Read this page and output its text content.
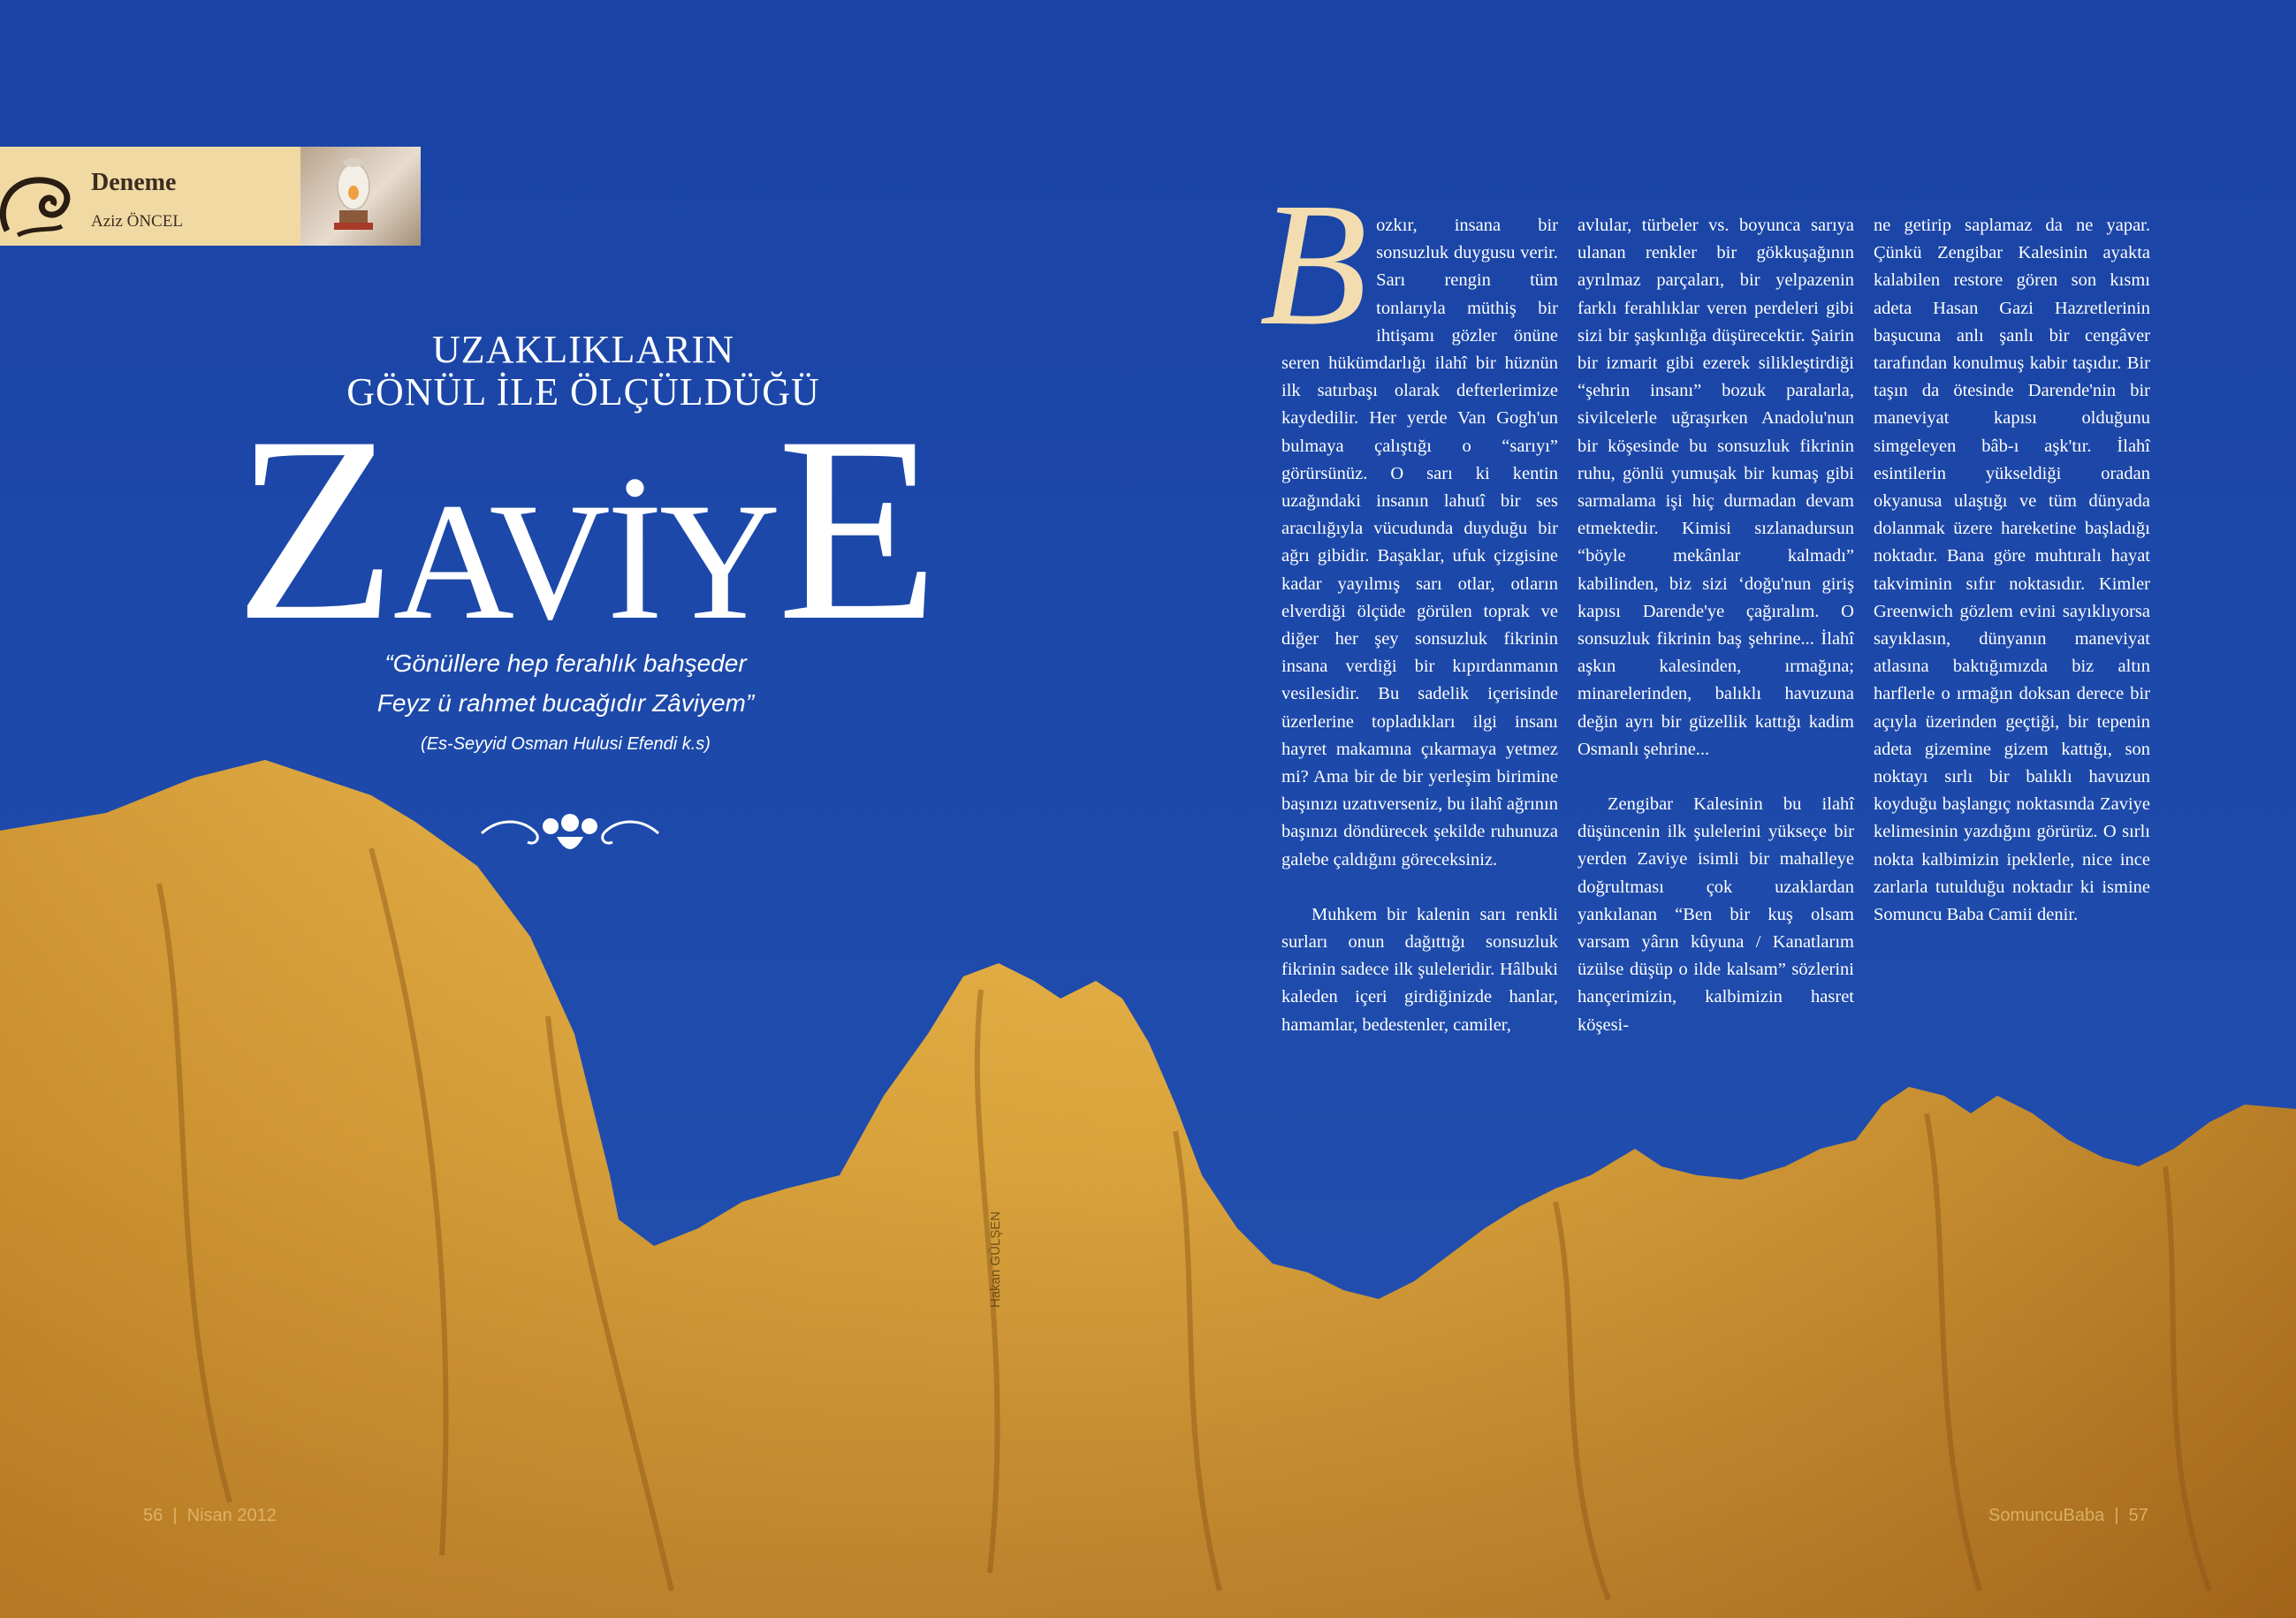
Deneme
Aziz ÖNCEL
UZAKLIKLARIN
GÖNÜL İLE ÖLÇÜLDÜĞÜ
ZAVİYE
“Gönüllere hep ferahlık bahşeder
Feyz ü rahmet bucağıdır Zâviyem”
(Es-Seyyid Osman Hulusi Efendi k.s)

Bozkır, insana bir sonsuzluk duygusu verir. Sarı rengin tüm tonlarıyla müthiş bir ihtişamı gözler önüne seren hükümdarlığı ilahî bir hüznün ilk satırbaşı olarak defterlerimize kaydedilir. Her yerde Van Gogh'un bulmaya çalıştığı o “sarıyı” görürsünüz. O sarı ki kentin uzağındaki insanın lahutî bir ses aracılığıyla vücudunda duyduğu bir ağrı gibidir. Başaklar, ufuk çizgisine kadar yayılmış sarı otlar, otların elverdiği ölçüde görülen toprak ve diğer her şey sonsuzluk fikrinin insana verdiği bir kıpırdanmanın vesilesidir. Bu sadelik içerisinde üzerlerine topladıkları ilgi insanı hayret makamına çıkarmaya yetmez mi? Ama bir de bir yerleşim birimine başınızı uzatıverseniz, bu ilahî ağrının başınızı döndürecek şekilde ruhunuza galebe çaldığını göreceksiniz.

Muhkem bir kalenin sarı renkli surları onun dağıttığı sonsuzluk fikrinin sadece ilk şuleleridir. Hâlbuki kaleden içeri girdiğinizde hanlar, hamamlar, bedestenler, camiler,

avlular, türbeler vs. boyunca sarıya ulanan renkler bir gökkuşağının ayrılmaz parçaları, bir yelpazenin farklı ferahlıklar veren perdeleri gibi sizi bir şaşkınlığa düşürecektir. Şairin bir izmarit gibi ezerek silikleştirdiği “şehrin insanı” bozuk paralarla, sivilcelerle uğraşırken Anadolu'nun bir köşesinde bu sonsuzluk fikrinin ruhu, gönlü yumuşak bir kumaş gibi sarmalama işi hiç durmadan devam etmektedir. Kimisi sızlanadursun “böyle mekânlar kalmadı” kabilinden, biz sizi ‘doğu'nun giriş kapısı Darende'ye çağıralım. O sonsuzluk fikrinin baş şehrine... İlahî aşkın kalesinden, ırmağına; minarelerinden, balıklı havuzuna değin ayrı bir güzellik kattığı kadim Osmanlı şehrine...

Zengibar Kalesinin bu ilahî düşüncenin ilk şulelerini yükseçe bir yerden Zaviye isimli bir mahalleye doğrultması çok uzaklardan yankılanan “Ben bir kuş olsam varsam yârın kûyuna / Kanatlarım üzülse düşüp o ilde kalsam” sözlerini hançerimizin, kalbimizin hasret köşesi-

ne getirip saplamaz da ne yapar. Çünkü Zengibar Kalesinin ayakta kalabilen restore gören son kısmı adeta Hasan Gazi Hazretlerinin başucuna anlı şanlı bir cengâver tarafından konulmuş kabir taşıdır. Bir taşın da ötesinde Darende'nin bir maneviyat kapısı olduğunu simgeleyen bâb-ı aşk'tır. İlahî esintilerin yükseldiği oradan okyanusa ulaştığı ve tüm dünyada dolanmak üzere hareketine başladığı noktadır. Bana göre muhtıralı hayat takviminin sıfır noktasıdır. Kimler Greenwich gözlem evini sayıklıyorsa sayıklasın, dünyanın maneviyat atlasına baktığımızda biz altın harflerle o ırmağın doksan derece bir açıyla üzerinden geçtiği, bir tepenin adeta gizemine gizem kattığı, son noktayı sırlı bir balıklı havuzun koyduğu başlangıç noktasında Zaviye kelimesinin yazdığını görürüz. O sırlı nokta kalbimizin ipeklerle, nice ince zarlarla tutulduğu noktadır ki ismine Somuncu Baba Camii denir.

Hakan GÜLŞEN
56  |  Nisan 2012	SomuncuBaba  |  57
